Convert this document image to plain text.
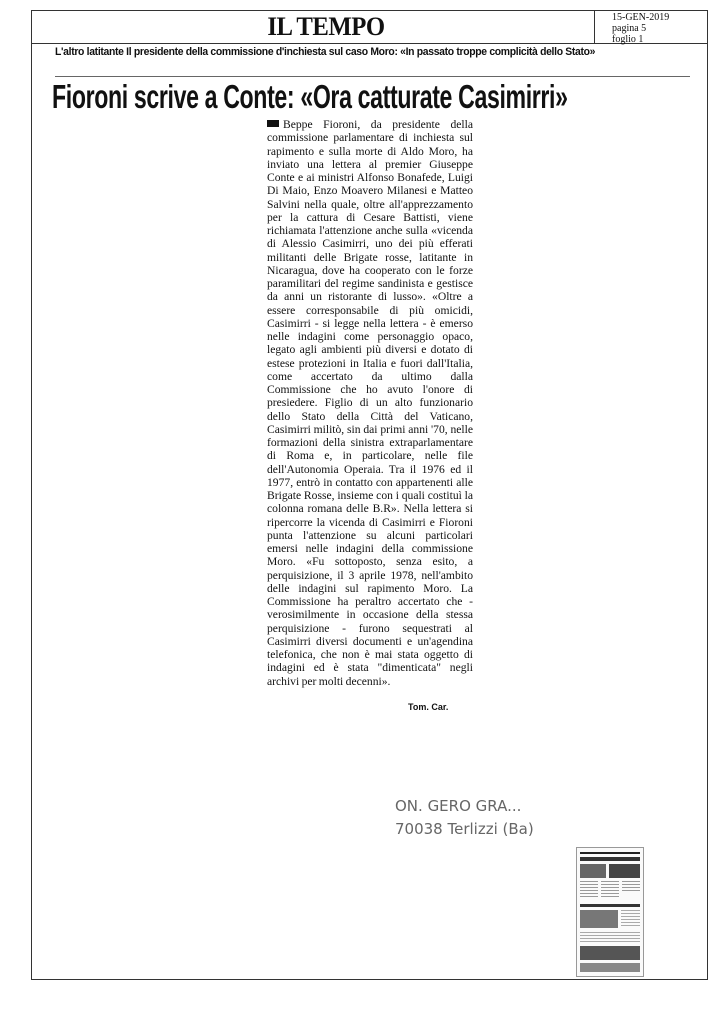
IL TEMPO	15-GEN-2019
pagina 5
foglio 1
L'altro latitante Il presidente della commissione d'inchiesta sul caso Moro: «In passato troppe complicità dello Stato»
Fioroni scrive a Conte: «Ora catturate Casimirri»
Beppe Fioroni, da presidente della commissione parlamentare di inchiesta sul rapimento e sulla morte di Aldo Moro, ha inviato una lettera al premier Giuseppe Conte e ai ministri Alfonso Bonafede, Luigi Di Maio, Enzo Moavero Milanesi e Matteo Salvini nella quale, oltre all'apprezzamento per la cattura di Cesare Battisti, viene richiamata l'attenzione anche sulla «vicenda di Alessio Casimirri, uno dei più efferati militanti delle Brigate rosse, latitante in Nicaragua, dove ha cooperato con le forze paramilitari del regime sandinista e gestisce da anni un ristorante di lusso». «Oltre a essere corresponsabile di più omicidi, Casimirri - si legge nella lettera - è emerso nelle indagini come personaggio opaco, legato agli ambienti più diversi e dotato di estese protezioni in Italia e fuori dall'Italia, come accertato da ultimo dalla Commissione che ho avuto l'onore di presiedere. Figlio di un alto funzionario dello Stato della Città del Vaticano, Casimirri militò, sin dai primi anni '70, nelle formazioni della sinistra extraparlamentare di Roma e, in particolare, nelle file dell'Autonomia Operaia. Tra il 1976 ed il 1977, entrò in contatto con appartenenti alle Brigate Rosse, insieme con i quali costituì la colonna romana delle B.R». Nella lettera si ripercorre la vicenda di Casimirri e Fioroni punta l'attenzione su alcuni particolari emersi nelle indagini della commissione Moro. «Fu sottoposto, senza esito, a perquisizione, il 3 aprile 1978, nell'ambito delle indagini sul rapimento Moro. La Commissione ha peraltro accertato che - verosimilmente in occasione della stessa perquisizione - furono sequestrati al Casimirri diversi documenti e un'agendina telefonica, che non è mai stata oggetto di indagini ed è stata "dimenticata" negli archivi per molti decenni».
Tom. Car.
ON. GERO GRA...
70038 Terlizzi (Ba)
